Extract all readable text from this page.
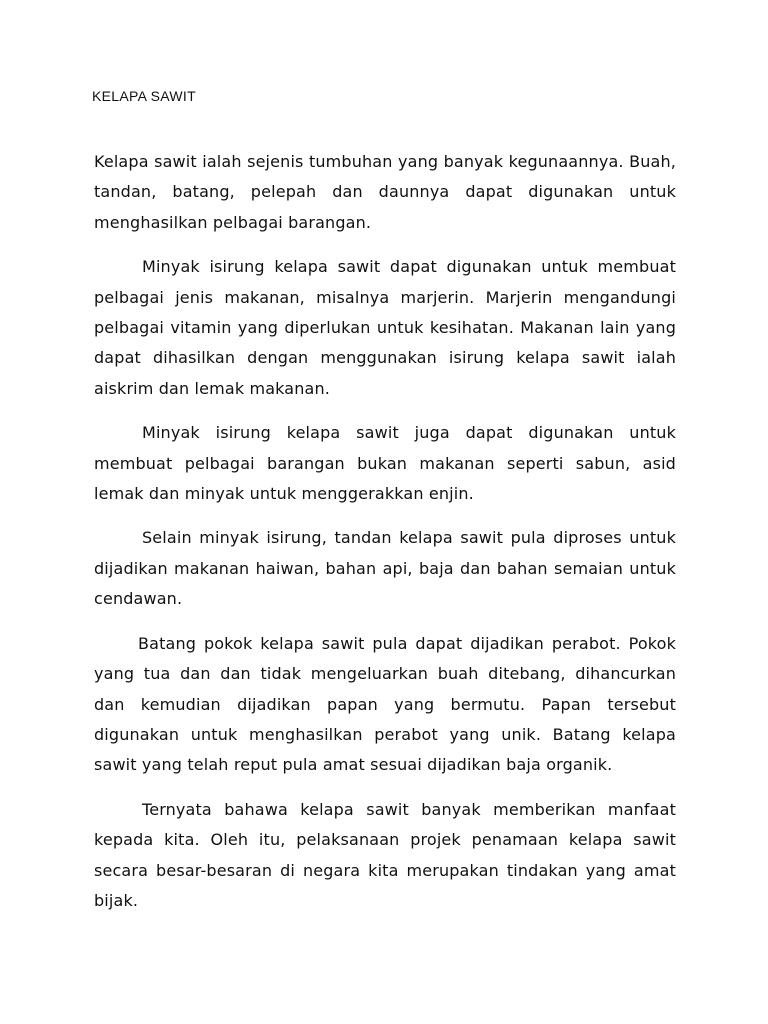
KELAPA SAWIT

Kelapa sawit ialah sejenis tumbuhan yang banyak kegunaannya. Buah, tandan, batang, pelepah dan daunnya dapat digunakan untuk menghasilkan pelbagai barangan.

Minyak isirung kelapa sawit dapat digunakan untuk membuat pelbagai jenis makanan, misalnya marjerin. Marjerin mengandungi pelbagai vitamin yang diperlukan untuk kesihatan. Makanan lain yang dapat dihasilkan dengan menggunakan isirung kelapa sawit ialah aiskrim dan lemak makanan.

Minyak isirung kelapa sawit juga dapat digunakan untuk membuat pelbagai barangan bukan makanan seperti sabun, asid lemak dan minyak untuk menggerakkan enjin.

Selain minyak isirung, tandan kelapa sawit pula diproses untuk dijadikan makanan haiwan, bahan api, baja dan bahan semaian untuk cendawan.

Batang pokok kelapa sawit pula dapat dijadikan perabot. Pokok yang tua dan dan tidak mengeluarkan buah ditebang, dihancurkan dan kemudian dijadikan papan yang bermutu. Papan tersebut digunakan untuk menghasilkan perabot yang unik. Batang kelapa sawit yang telah reput pula amat sesuai dijadikan baja organik.

Ternyata bahawa kelapa sawit banyak memberikan manfaat kepada kita. Oleh itu, pelaksanaan projek penamaan kelapa sawit secara besar-besaran di negara kita merupakan tindakan yang amat bijak.
